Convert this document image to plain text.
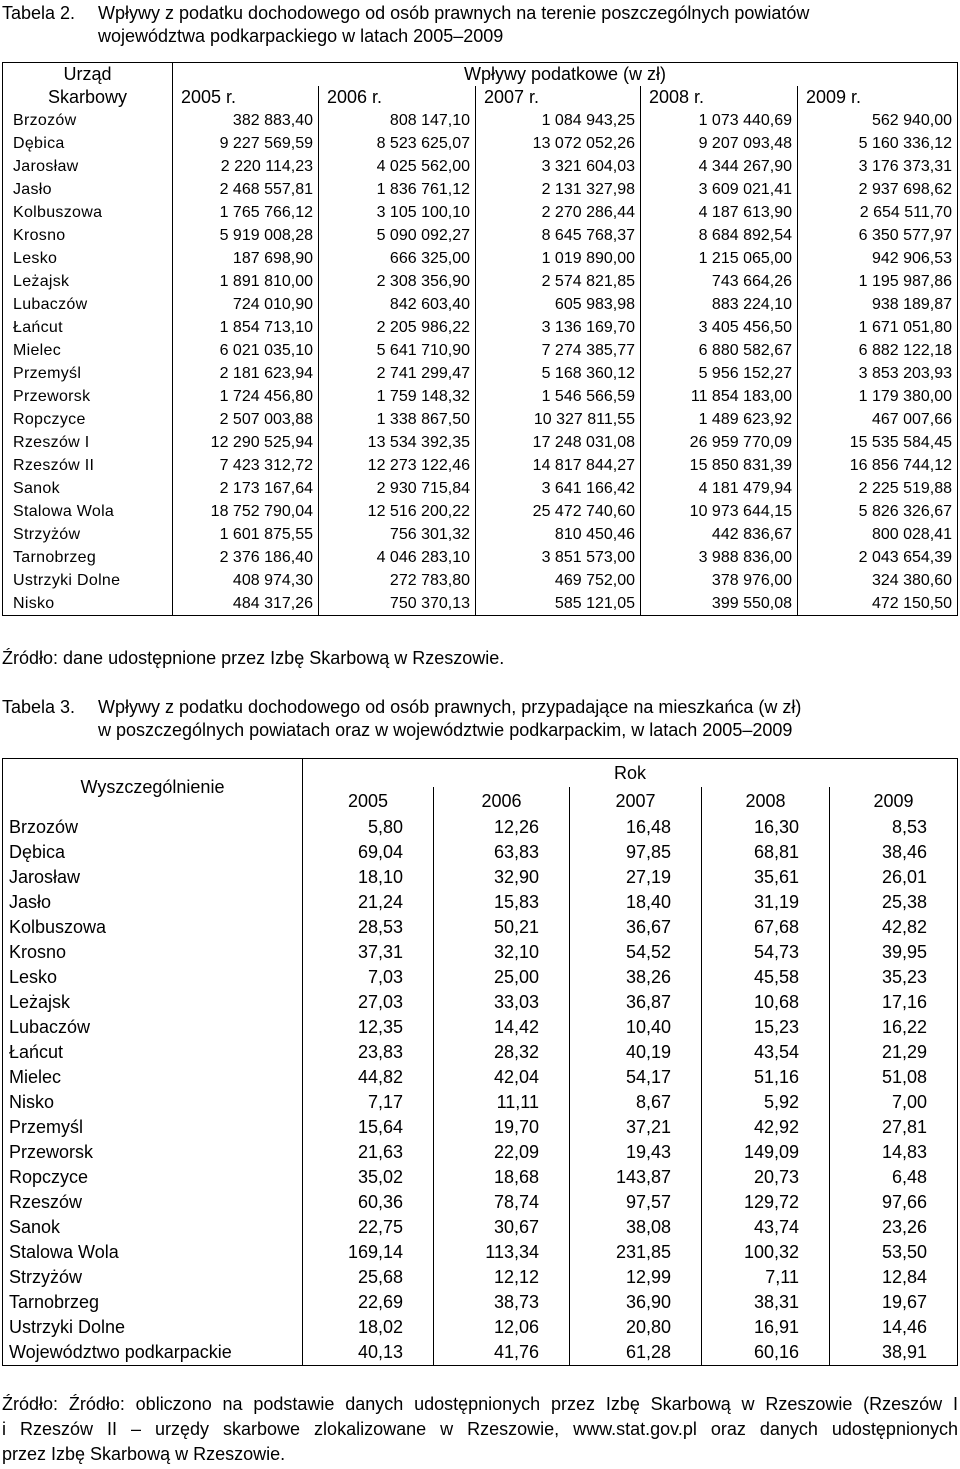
Tabela 2. Wpływy z podatku dochodowego od osób prawnych na terenie poszczególnych powiatów
województwa podkarpackiego w latach 2005–2009
Urząd
Skarbowy	Wpływy podatkowe (w zł)				
	2005 r.	2006 r.	2007 r.	2008 r.	2009 r.
Brzozów	382 883,40	808 147,10	1 084 943,25	1 073 440,69	562 940,00
Dębica	9 227 569,59	8 523 625,07	13 072 052,26	9 207 093,48	5 160 336,12
Jarosław	2 220 114,23	4 025 562,00	3 321 604,03	4 344 267,90	3 176 373,31
Jasło	2 468 557,81	1 836 761,12	2 131 327,98	3 609 021,41	2 937 698,62
Kolbuszowa	1 765 766,12	3 105 100,10	2 270 286,44	4 187 613,90	2 654 511,70
Krosno	5 919 008,28	5 090 092,27	8 645 768,37	8 684 892,54	6 350 577,97
Lesko	187 698,90	666 325,00	1 019 890,00	1 215 065,00	942 906,53
Leżajsk	1 891 810,00	2 308 356,90	2 574 821,85	743 664,26	1 195 987,86
Lubaczów	724 010,90	842 603,40	605 983,98	883 224,10	938 189,87
Łańcut	1 854 713,10	2 205 986,22	3 136 169,70	3 405 456,50	1 671 051,80
Mielec	6 021 035,10	5 641 710,90	7 274 385,77	6 880 582,67	6 882 122,18
Przemyśl	2 181 623,94	2 741 299,47	5 168 360,12	5 956 152,27	3 853 203,93
Przeworsk	1 724 456,80	1 759 148,32	1 546 566,59	11 854 183,00	1 179 380,00
Ropczyce	2 507 003,88	1 338 867,50	10 327 811,55	1 489 623,92	467 007,66
Rzeszów I	12 290 525,94	13 534 392,35	17 248 031,08	26 959 770,09	15 535 584,45
Rzeszów II	7 423 312,72	12 273 122,46	14 817 844,27	15 850 831,39	16 856 744,12
Sanok	2 173 167,64	2 930 715,84	3 641 166,42	4 181 479,94	2 225 519,88
Stalowa Wola	18 752 790,04	12 516 200,22	25 472 740,60	10 973 644,15	5 826 326,67
Strzyżów	1 601 875,55	756 301,32	810 450,46	442 836,67	800 028,41
Tarnobrzeg	2 376 186,40	4 046 283,10	3 851 573,00	3 988 836,00	2 043 654,39
Ustrzyki Dolne	408 974,30	272 783,80	469 752,00	378 976,00	324 380,60
Nisko	484 317,26	750 370,13	585 121,05	399 550,08	472 150,50
Źródło: dane udostępnione przez Izbę Skarbową w Rzeszowie.
Tabela 3. Wpływy z podatku dochodowego od osób prawnych, przypadające na mieszkańca (w zł)
w poszczególnych powiatach oraz w województwie podkarpackim, w latach 2005–2009
Wyszczególnienie	Rok				
	2005	2006	2007	2008	2009
Brzozów	5,80	12,26	16,48	16,30	8,53
Dębica	69,04	63,83	97,85	68,81	38,46
Jarosław	18,10	32,90	27,19	35,61	26,01
Jasło	21,24	15,83	18,40	31,19	25,38
Kolbuszowa	28,53	50,21	36,67	67,68	42,82
Krosno	37,31	32,10	54,52	54,73	39,95
Lesko	7,03	25,00	38,26	45,58	35,23
Leżajsk	27,03	33,03	36,87	10,68	17,16
Lubaczów	12,35	14,42	10,40	15,23	16,22
Łańcut	23,83	28,32	40,19	43,54	21,29
Mielec	44,82	42,04	54,17	51,16	51,08
Nisko	7,17	11,11	8,67	5,92	7,00
Przemyśl	15,64	19,70	37,21	42,92	27,81
Przeworsk	21,63	22,09	19,43	149,09	14,83
Ropczyce	35,02	18,68	143,87	20,73	6,48
Rzeszów	60,36	78,74	97,57	129,72	97,66
Sanok	22,75	30,67	38,08	43,74	23,26
Stalowa Wola	169,14	113,34	231,85	100,32	53,50
Strzyżów	25,68	12,12	12,99	7,11	12,84
Tarnobrzeg	22,69	38,73	36,90	38,31	19,67
Ustrzyki Dolne	18,02	12,06	20,80	16,91	14,46
Województwo podkarpackie	40,13	41,76	61,28	60,16	38,91
Źródło: Źródło: obliczono na podstawie danych udostępnionych przez Izbę Skarbową w Rzeszowie (Rzeszów I
i Rzeszów II – urzędy skarbowe zlokalizowane w Rzeszowie, www.stat.gov.pl oraz danych udostępnionych
przez Izbę Skarbową w Rzeszowie.
